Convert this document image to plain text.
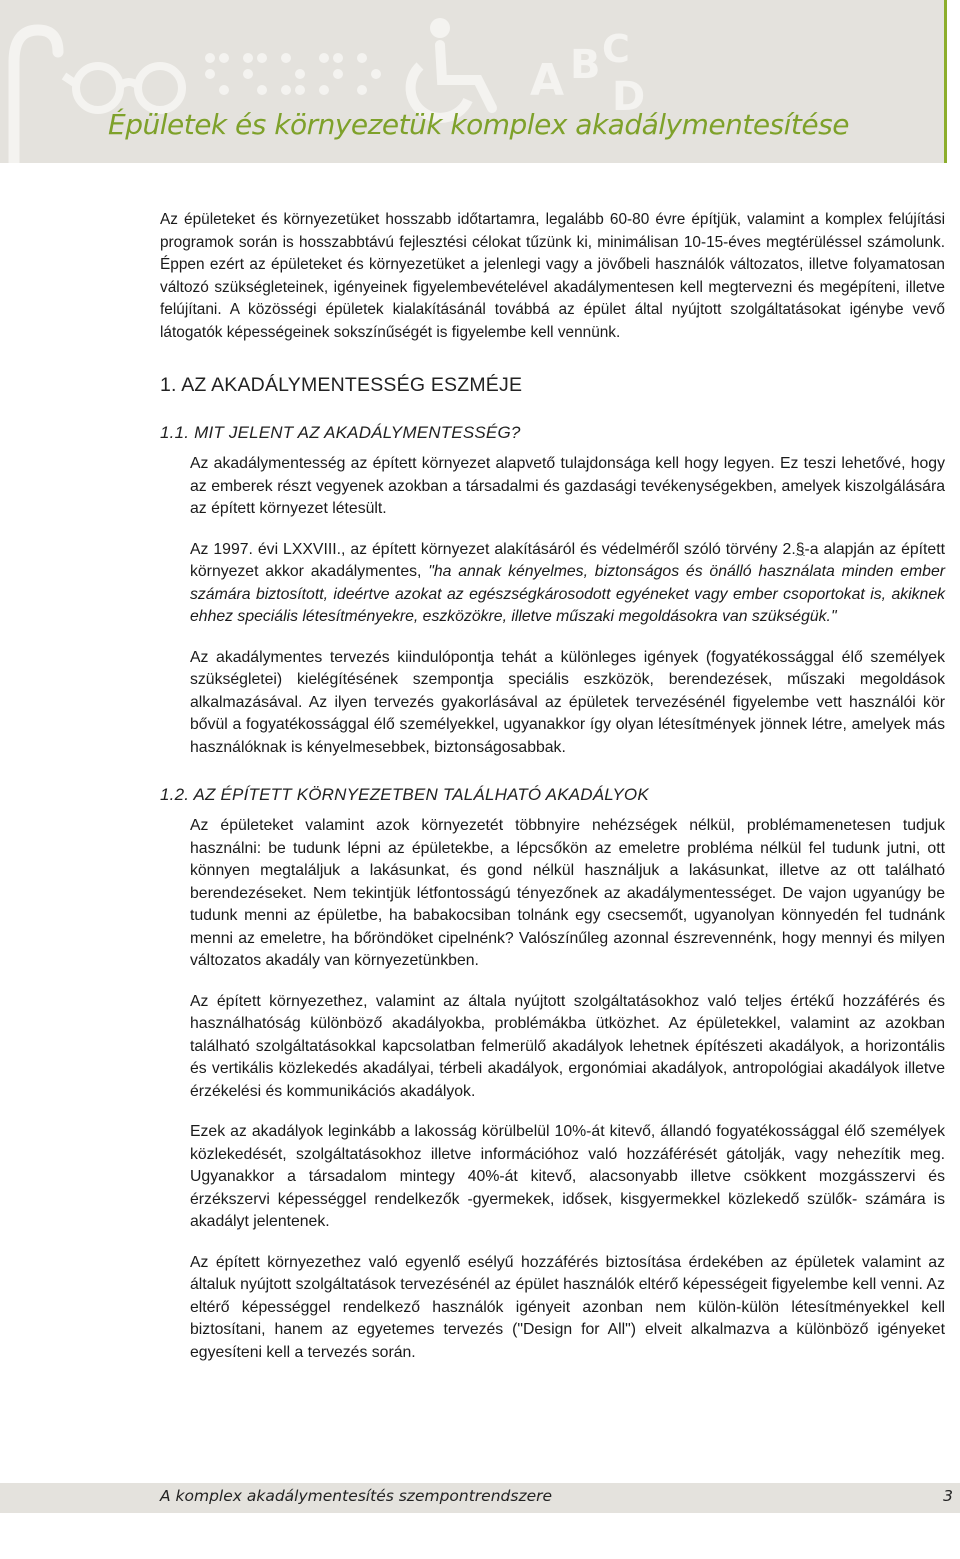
A B C
D
Épületek és környezetük komplex akadálymentesítése

Az épületeket és környezetüket hosszabb időtartamra, legalább 60-80 évre építjük, valamint a komplex felújítási programok során is hosszabbtávú fejlesztési célokat tűzünk ki, minimálisan 10-15-éves megtérüléssel számolunk. Éppen ezért az épületeket és környezetüket a jelenlegi vagy a jövőbeli használók változatos, illetve folyamatosan változó szükségleteinek, igényeinek figyelembevételével akadálymentesen kell megtervezni és megépíteni, illetve felújítani. A közösségi épületek kialakításánál továbbá az épület által nyújtott szolgáltatásokat igénybe vevő látogatók képességeinek sokszínűségét is figyelembe kell vennünk.

1. AZ AKADÁLYMENTESSÉG ESZMÉJE
1.1. MIT JELENT AZ AKADÁLYMENTESSÉG?

Az akadálymentesség az épített környezet alapvető tulajdonsága kell hogy legyen. Ez teszi lehetővé, hogy az emberek részt vegyenek azokban a társadalmi és gazdasági tevékenységekben, amelyek kiszolgálására az épített környezet létesült.

Az 1997. évi LXXVIII., az épített környezet alakításáról és védelméről szóló törvény 2.§-a alapján az épített környezet akkor akadálymentes, "ha annak kényelmes, biztonságos és önálló használata minden ember számára biztosított, ideértve azokat az egészségkárosodott egyéneket vagy ember csoportokat is, akiknek ehhez speciális létesítményekre, eszközökre, illetve műszaki megoldásokra van szükségük."

Az akadálymentes tervezés kiindulópontja tehát a különleges igények (fogyatékossággal élő személyek szükségletei) kielégítésének szempontja speciális eszközök, berendezések, műszaki megoldások alkalmazásával. Az ilyen tervezés gyakorlásával az épületek tervezésénél figyelembe vett használói kör bővül a fogyatékossággal élő személyekkel, ugyanakkor így olyan létesítmények jönnek létre, amelyek más használóknak is kényelmesebbek, biztonságosabbak.

1.2. AZ ÉPÍTETT KÖRNYEZETBEN TALÁLHATÓ AKADÁLYOK

Az épületeket valamint azok környezetét többnyire nehézségek nélkül, problémamenetesen tudjuk használni: be tudunk lépni az épületekbe, a lépcsőkön az emeletre probléma nélkül fel tudunk jutni, ott könnyen megtaláljuk a lakásunkat, és gond nélkül használjuk a lakásunkat, illetve az ott található berendezéseket. Nem tekintjük létfontosságú tényezőnek az akadálymentességet. De vajon ugyanúgy be tudunk menni az épületbe, ha babakocsiban tolnánk egy csecsemőt, ugyanolyan könnyedén fel tudnánk menni az emeletre, ha bőröndöket cipelnénk? Valószínűleg azonnal észrevennénk, hogy mennyi és milyen változatos akadály van környezetünkben.

Az épített környezethez, valamint az általa nyújtott szolgáltatásokhoz való teljes értékű hozzáférés és használhatóság különböző akadályokba, problémákba ütközhet. Az épületekkel, valamint az azokban található szolgáltatásokkal kapcsolatban felmerülő akadályok lehetnek építészeti akadályok, a horizontális és vertikális közlekedés akadályai, térbeli akadályok, ergonómiai akadályok, antropológiai akadályok illetve érzékelési és kommunikációs akadályok.

Ezek az akadályok leginkább a lakosság körülbelül 10%-át kitevő, állandó fogyatékossággal élő személyek közlekedését, szolgáltatásokhoz illetve információhoz való hozzáférését gátolják, vagy nehezítik meg. Ugyanakkor a társadalom mintegy 40%-át kitevő, alacsonyabb illetve csökkent mozgásszervi és érzékszervi képességgel rendelkezők -gyermekek, idősek, kisgyermekkel közlekedő szülők- számára is akadályt jelentenek.

Az épített környezethez való egyenlő esélyű hozzáférés biztosítása érdekében az épületek valamint az általuk nyújtott szolgáltatások tervezésénél az épület használók eltérő képességeit figyelembe kell venni. Az eltérő képességgel rendelkező használók igényeit azonban nem külön-külön létesítményekkel kell biztosítani, hanem az egyetemes tervezés ("Design for All") elveit alkalmazva a különböző igényeket egyesíteni kell a tervezés során.

A komplex akadálymentesítés szempontrendszere	3
